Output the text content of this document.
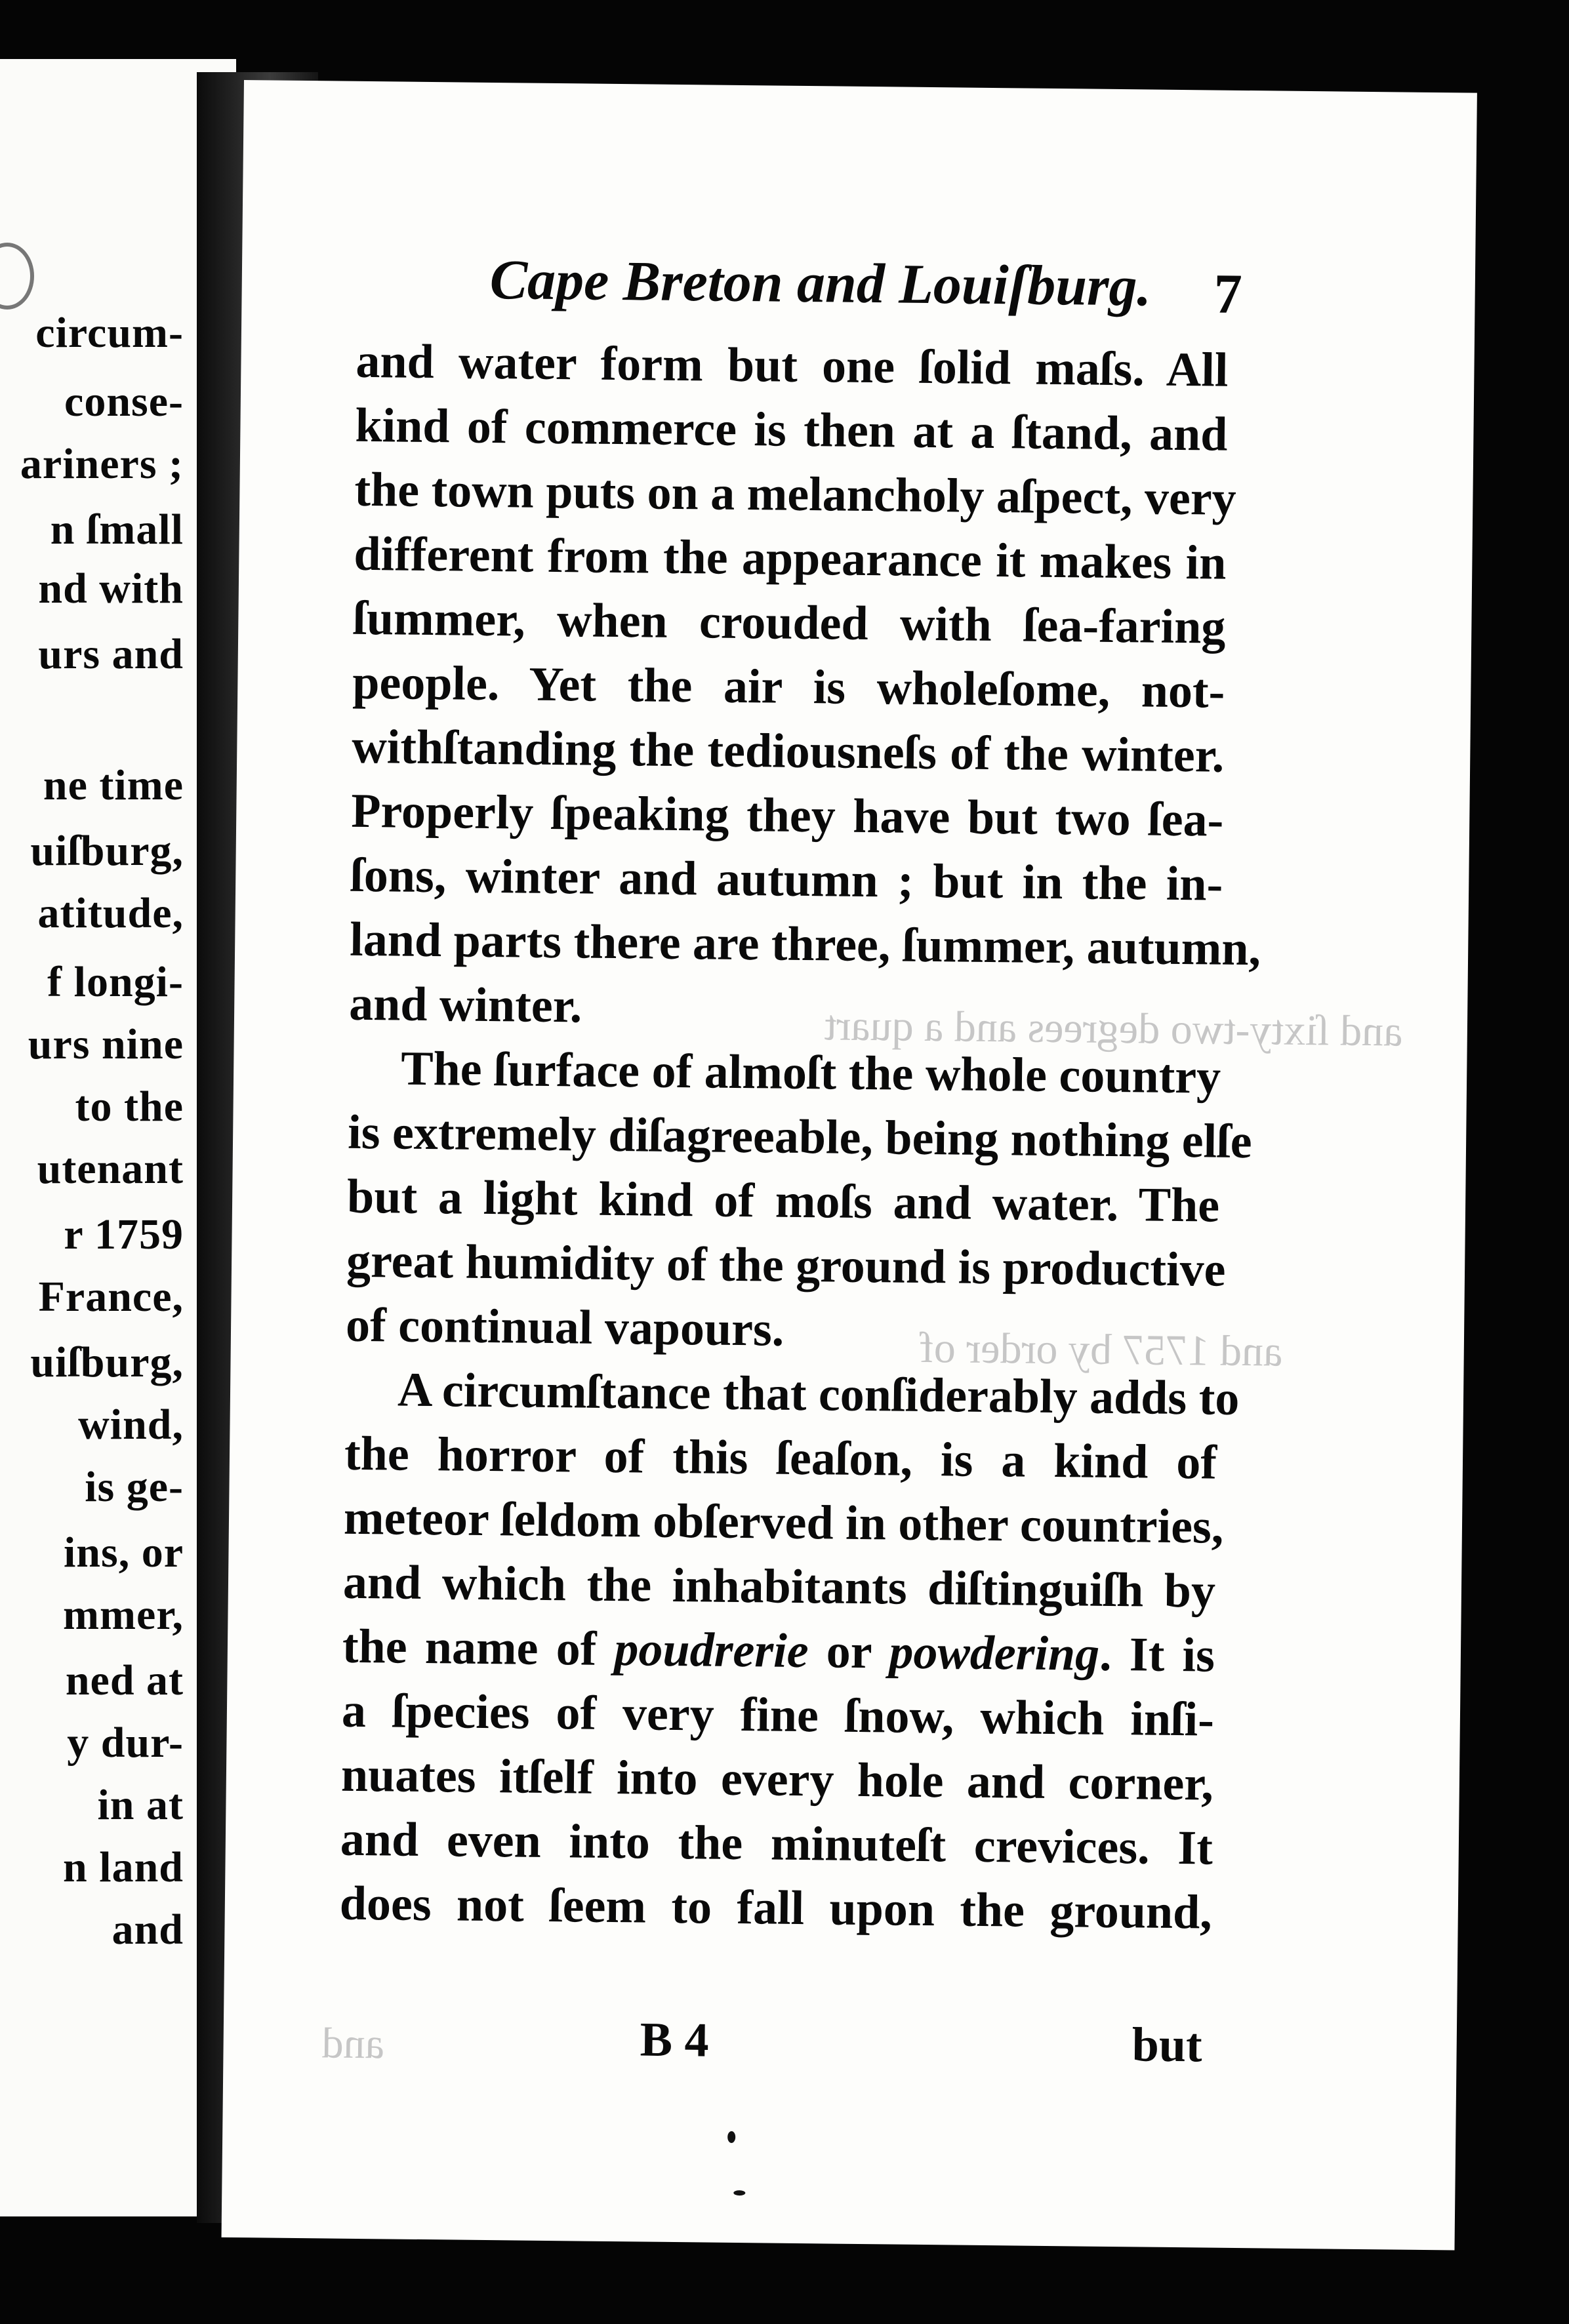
circum-
conse-
ariners ;
n ſmall
nd with
urs and
ne time
uiſburg,
atitude,
f longi-
urs nine
to the
utenant
r 1759
France,
uiſburg,
wind,
is ge-
ins, or
mmer,
ned at
y dur-
in at
n land
and
Cape Breton and Louiſburg. 7
and water form but one ſolid maſs. All
kind of commerce is then at a ſtand, and
the town puts on a melancholy aſpect, very
different from the appearance it makes in
ſummer, when crouded with ſea-faring
people. Yet the air is wholeſome, not-
withſtanding the tediousneſs of the winter.
Properly ſpeaking they have but two ſea-
ſons, winter and autumn ; but in the in-
land parts there are three, ſummer, autumn,
and winter.
The ſurface of almoſt the whole country
is extremely diſagreeable, being nothing elſe
but a light kind of moſs and water. The
great humidity of the ground is productive
of continual vapours.
A circumſtance that conſiderably adds to
the horror of this ſeaſon, is a kind of
meteor ſeldom obſerved in other countries,
and which the inhabitants diſtinguiſh by
the name of poudrerie or powdering. It is
a ſpecies of very fine ſnow, which inſi-
nuates itſelf into every hole and corner,
and even into the minuteſt crevices. It
does not ſeem to fall upon the ground,
and ſixty-two degrees and a quart
and 1757 by order of
and	B 4	but
